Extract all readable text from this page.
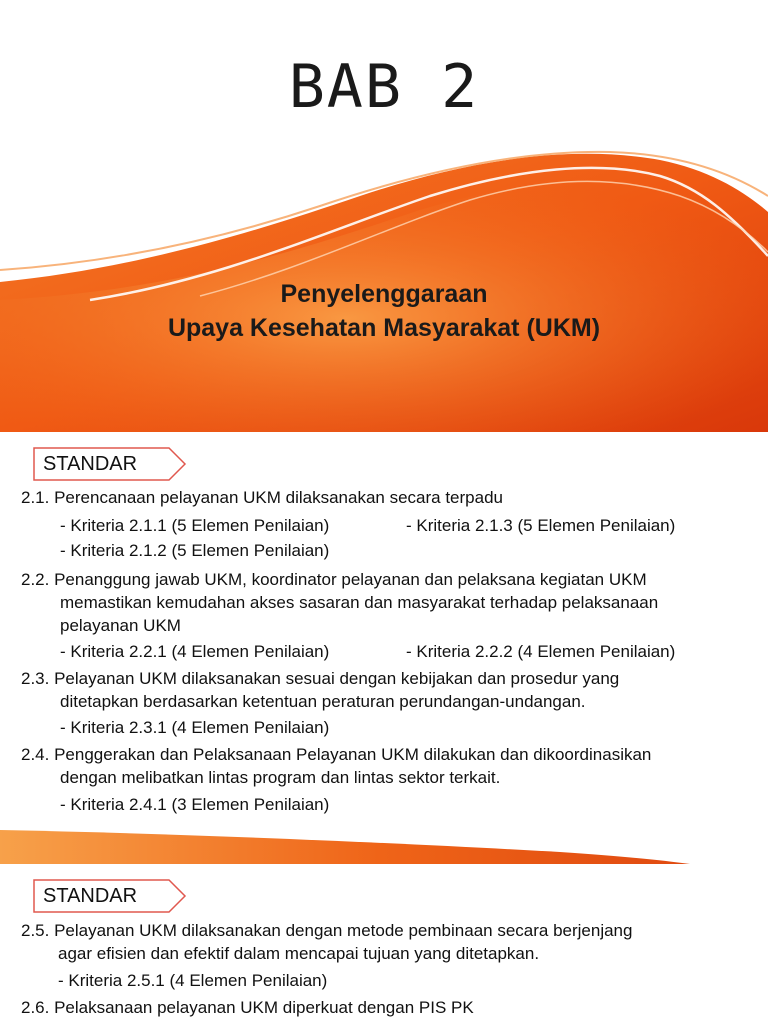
BAB 2
Penyelenggaraan
Upaya Kesehatan Masyarakat (UKM)
STANDAR
2.1. Perencanaan pelayanan UKM dilaksanakan secara terpadu
- Kriteria 2.1.1 (5 Elemen Penilaian)	- Kriteria 2.1.3 (5 Elemen Penilaian)
- Kriteria 2.1.2 (5 Elemen Penilaian)
2.2. Penanggung jawab UKM, koordinator pelayanan dan pelaksana kegiatan UKM
memastikan kemudahan akses sasaran dan masyarakat terhadap pelaksanaan
pelayanan UKM
- Kriteria 2.2.1 (4 Elemen Penilaian)	- Kriteria 2.2.2 (4 Elemen Penilaian)
2.3. Pelayanan UKM dilaksanakan sesuai dengan kebijakan dan prosedur yang
ditetapkan berdasarkan ketentuan peraturan perundangan-undangan.
- Kriteria 2.3.1 (4 Elemen Penilaian)
2.4. Penggerakan dan Pelaksanaan Pelayanan UKM dilakukan dan dikoordinasikan
dengan melibatkan lintas program dan lintas sektor terkait.
- Kriteria 2.4.1 (3 Elemen Penilaian)
STANDAR
2.5. Pelayanan UKM dilaksanakan dengan metode pembinaan secara berjenjang
agar efisien dan efektif dalam mencapai tujuan yang ditetapkan.
- Kriteria 2.5.1 (4 Elemen Penilaian)
2.6. Pelaksanaan pelayanan UKM diperkuat dengan PIS PK
